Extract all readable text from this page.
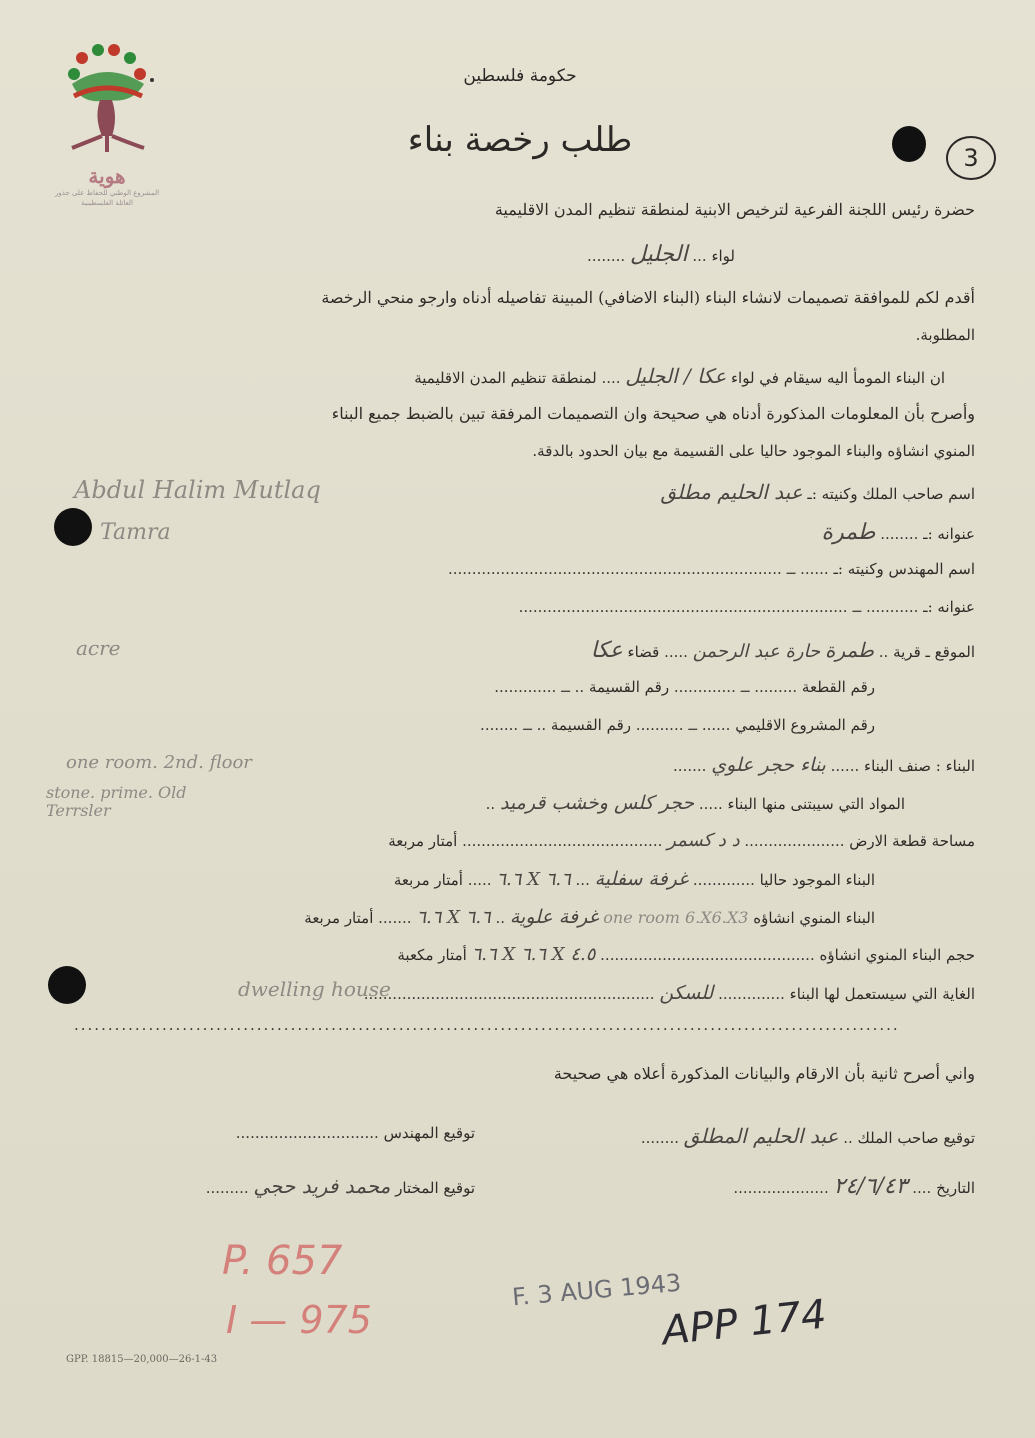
هوية
المشروع الوطني للحفاظ على جذور العائلة الفلسطينية
حكومة فلسطين
طلب رخصة بناء	3
حضرة رئيس اللجنة الفرعية لترخيص الابنية لمنطقة تنظيم المدن الاقليمية
لواء ... الجليل ........
أقدم لكم للموافقة تصميمات لانشاء البناء (البناء الاضافي) المبينة تفاصيله أدناه وارجو منحي الرخصة
المطلوبة.
ان البناء المومأ اليه سيقام في لواء عكا / الجليل .... لمنطقة تنظيم المدن الاقليمية
وأصرح بأن المعلومات المذكورة أدناه هي صحيحة وان التصميمات المرفقة تبين بالضبط جميع البناء
المنوي انشاؤه والبناء الموجود حاليا على القسيمة مع بيان الحدود بالدقة.
اسم صاحب الملك وكنيته :ـ عبد الحليم مطلق
Abdul Halim Mutlaq
عنوانه :ـ ........ طمرة
Tamra
اسم المهندس وكنيته :ـ ...... ــ ......................................................................
عنوانه :ـ ........... ــ .....................................................................
الموقع ـ قرية .. طمرة حارة عبد الرحمن ..... قضاء عكا
acre
رقم القطعة ......... ــ ............. رقم القسيمة .. ــ .............
رقم المشروع الاقليمي ...... ــ .......... رقم القسيمة .. ــ ........
البناء : صنف البناء ...... بناء حجر علوي .......
one room. 2nd. floor
المواد التي سيبتنى منها البناء ..... حجر كلس وخشب قرميد ..
stone. prime. Old Terrsler
مساحة قطعة الارض ..................... د د كسمر .......................................... أمتار مربعة
البناء الموجود حاليا ............. غرفة سفلية ... ٦.٦ X ٦.٦ ..... أمتار مربعة
البناء المنوي انشاؤه one room 6.X6.X3 غرفة علوية .. ٦.٦ X ٦.٦ ....... أمتار مربعة
حجم البناء المنوي انشاؤه ............................................. ٤.٥ X ٦.٦ X ٦.٦ أمتار مكعبة
الغاية التي سيستعمل لها البناء .............. للسكن .............................................................
dwelling house
..........................................................................................................................
واني أصرح ثانية بأن الارقام والبيانات المذكورة أعلاه هي صحيحة
توقيع صاحب الملك .. عبد الحليم المطلق ........
توقيع المهندس ..............................
التاريخ .... ٢٤/٦/٤٣ ....................
توقيع المختار محمد فريد حجي .........
P. 657
I — 975
F. 3 AUG 1943
APP 174
GPP. 18815—20,000—26-1-43
